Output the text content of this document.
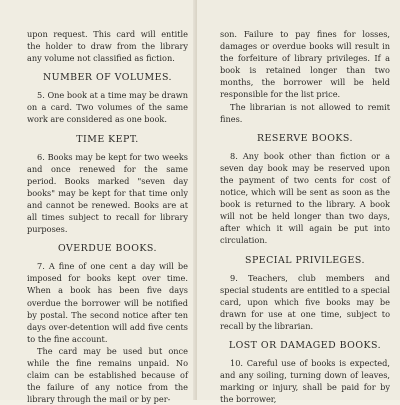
upon request. This card will entitle the holder to draw from the library any volume not classified as fiction.

NUMBER OF VOLUMES.

5. One book at a time may be drawn on a card. Two volumes of the same work are considered as one book.

TIME KEPT.

6. Books may be kept for two weeks and once renewed for the same period. Books marked "seven day books" may be kept for that time only and cannot be renewed. Books are at all times subject to recall for library purposes.

OVERDUE BOOKS.

7. A fine of one cent a day will be imposed for books kept over time. When a book has been five days overdue the borrower will be notified by postal. The second notice after ten days over-detention will add five cents to the fine account.

The card may be used but once while the fine remains unpaid. No claim can be established because of the failure of any notice from the library through the mail or by per-

son. Failure to pay fines for losses, damages or overdue books will result in the forfeiture of library privileges. If a book is retained longer than two months, the borrower will be held responsible for the list price.

The librarian is not allowed to remit fines.

RESERVE BOOKS.

8. Any book other than fiction or a seven day book may be reserved upon the payment of two cents for cost of notice, which will be sent as soon as the book is returned to the library. A book will not be held longer than two days, after which it will again be put into circulation.

SPECIAL PRIVILEGES.

9. Teachers, club members and special students are entitled to a special card, upon which five books may be drawn for use at one time, subject to recall by the librarian.

LOST OR DAMAGED BOOKS.

10. Careful use of books is expected, and any soiling, turning down of leaves, marking or injury, shall be paid for by the borrower,
